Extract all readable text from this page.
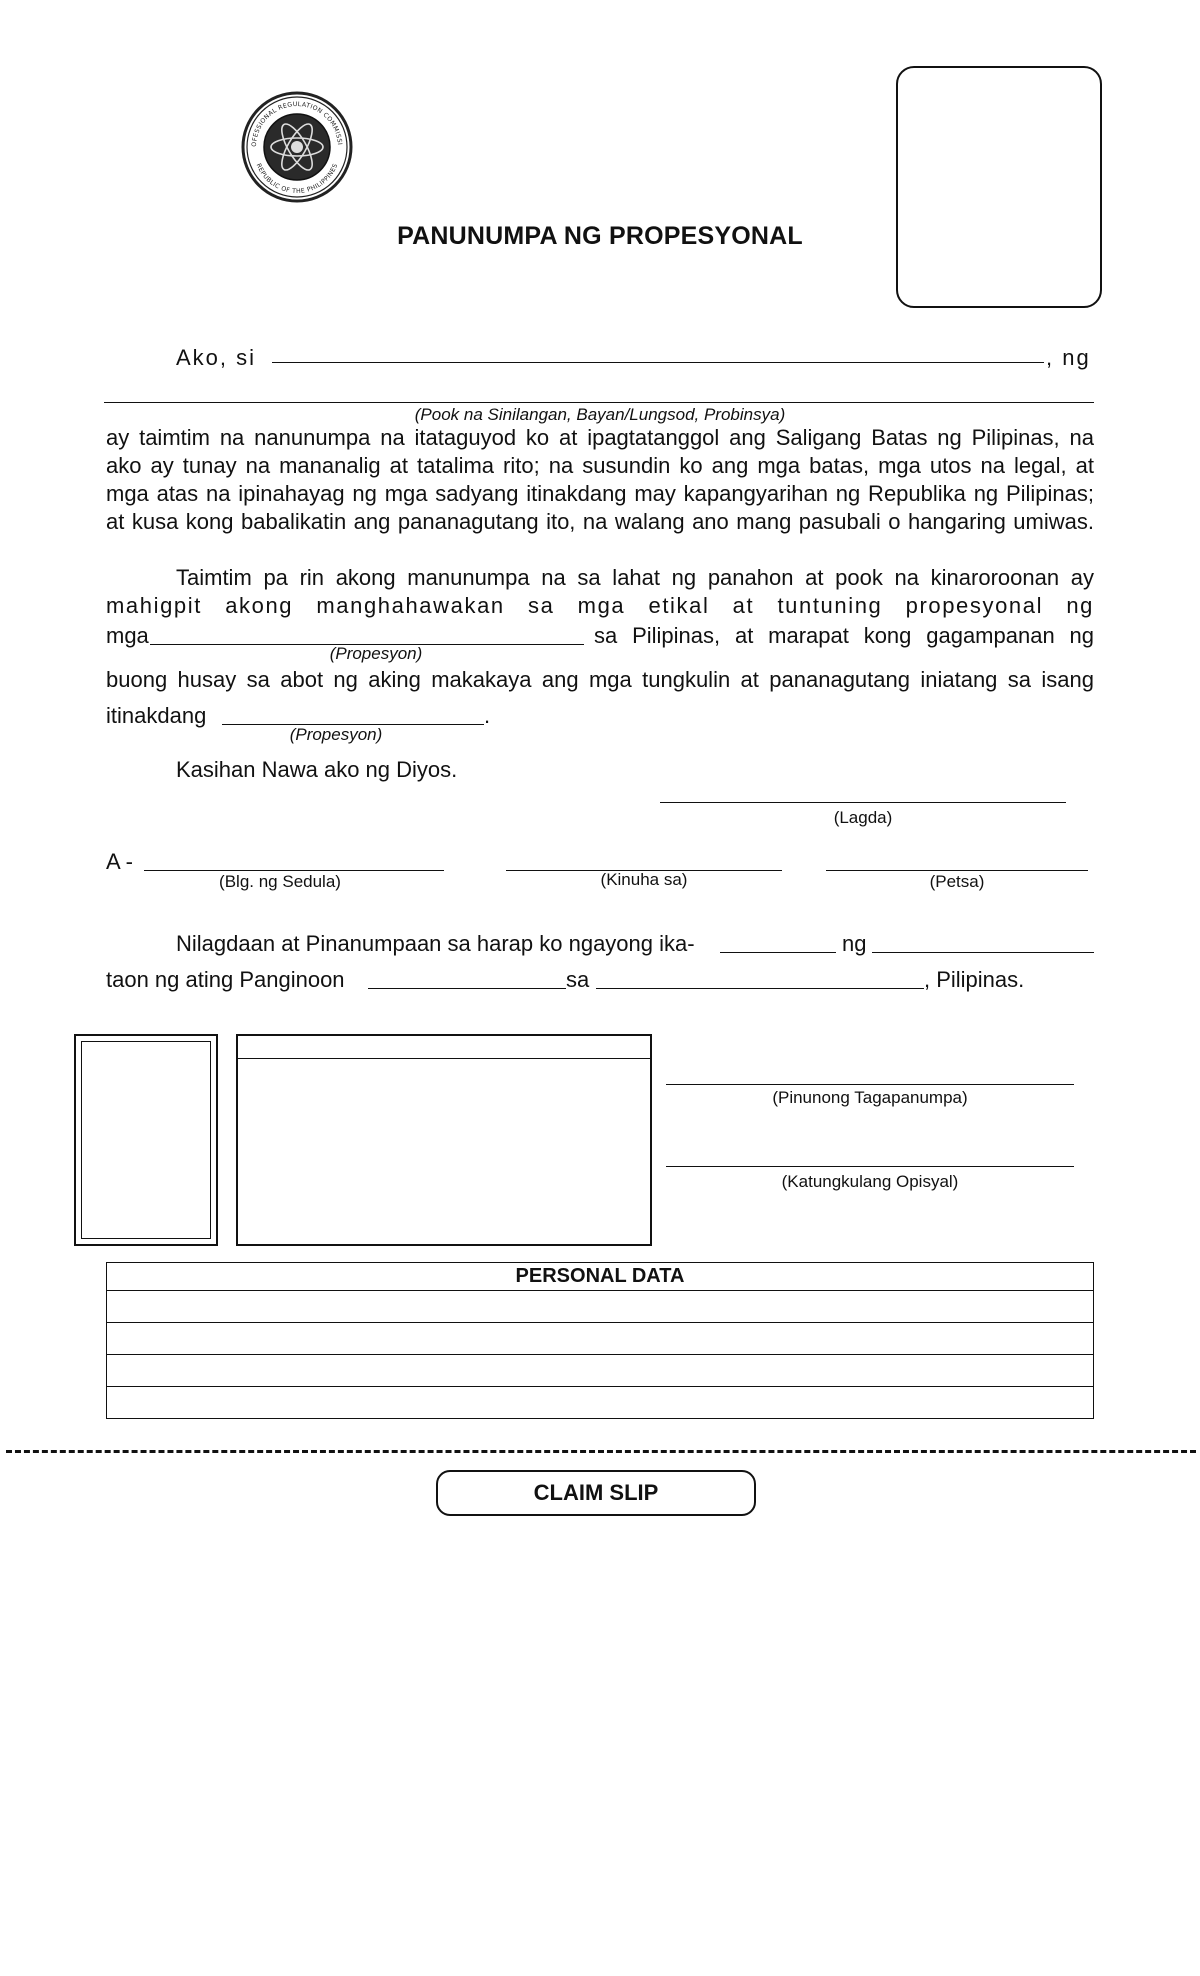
OFESSIONAL REGULATION COMMISSI
REPUBLIC OF THE PHILIPPINES
PANUNUMPA NG PROPESYONAL
Ako, si	, ng
(Pook na Sinilangan, Bayan/Lungsod, Probinsya)
ay taimtim na nanunumpa na itataguyod ko at ipagtatanggol ang Saligang Batas ng Pilipinas, na
ako ay tunay na mananalig at tatalima rito; na susundin ko ang mga batas, mga utos na legal, at
mga atas na ipinahayag ng mga sadyang itinakdang may kapangyarihan ng Republika ng Pilipinas;
at kusa kong babalikatin ang pananagutang ito, na walang ano mang pasubali o hangaring umiwas.
Taimtim pa rin akong manunumpa na sa lahat ng panahon at pook na kinaroroonan ay
mahigpit akong manghahawakan sa mga etikal at tuntuning propesyonal ng
mga	sa Pilipinas, at marapat kong gagampanan ng
(Propesyon)
buong husay sa abot ng aking makakaya ang mga tungkulin at pananagutang iniatang sa isang
itinakdang	.
(Propesyon)
Kasihan Nawa ako ng Diyos.
(Lagda)
A -
(Blg. ng Sedula)	(Kinuha sa)	(Petsa)
Nilagdaan at Pinanumpaan sa harap ko ngayong ika-	ng
taon ng ating Panginoon	sa	, Pilipinas.
(Pinunong Tagapanumpa)
(Katungkulang Opisyal)
PERSONAL DATA

CLAIM SLIP
